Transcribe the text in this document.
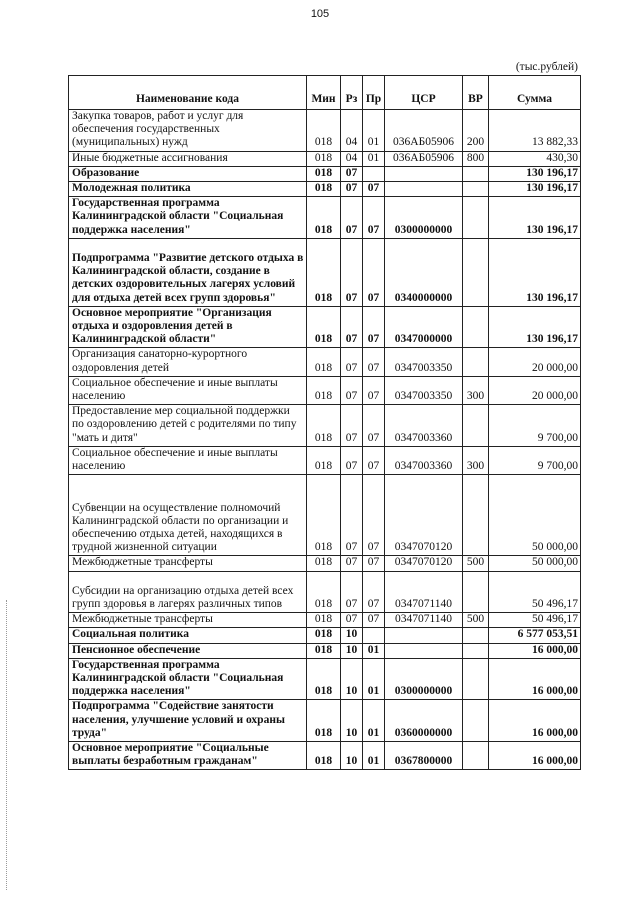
105
(тыс.рублей)
Наименование кода	Мин	Рз	Пр	ЦСР	ВР	Сумма
Закупка товаров, работ и услуг для обеспечения государственных (муниципальных) нужд	018	04	01	036АБ05906	200	13 882,33
Иные бюджетные ассигнования	018	04	01	036АБ05906	800	430,30
Образование	018	07				130 196,17
Молодежная политика	018	07	07			130 196,17
Государственная программа Калининградской области "Социальная поддержка населения"	018	07	07	0300000000		130 196,17
Подпрограмма "Развитие детского отдыха в Калининградской области, создание в детских оздоровительных лагерях условий для отдыха детей всех групп здоровья"	018	07	07	0340000000		130 196,17
Основное мероприятие "Организация отдыха и оздоровления детей в Калининградской области"	018	07	07	0347000000		130 196,17
Организация санаторно-курортного оздоровления детей	018	07	07	0347003350		20 000,00
Социальное обеспечение и иные выплаты населению	018	07	07	0347003350	300	20 000,00
Предоставление мер социальной поддержки по оздоровлению детей с родителями по типу "мать и дитя"	018	07	07	0347003360		9 700,00
Социальное обеспечение и иные выплаты населению	018	07	07	0347003360	300	9 700,00
Субвенции на осуществление полномочий Калининградской области по организации и обеспечению отдыха детей, находящихся в трудной жизненной ситуации	018	07	07	0347070120		50 000,00
Межбюджетные трансферты	018	07	07	0347070120	500	50 000,00
Субсидии на организацию отдыха детей всех групп здоровья в лагерях различных типов	018	07	07	0347071140		50 496,17
Межбюджетные трансферты	018	07	07	0347071140	500	50 496,17
Социальная политика	018	10				6 577 053,51
Пенсионное обеспечение	018	10	01			16 000,00
Государственная программа Калининградской области "Социальная поддержка населения"	018	10	01	0300000000		16 000,00
Подпрограмма "Содействие занятости населения, улучшение условий и охраны труда"	018	10	01	0360000000		16 000,00
Основное мероприятие "Социальные выплаты безработным гражданам"	018	10	01	0367800000		16 000,00
